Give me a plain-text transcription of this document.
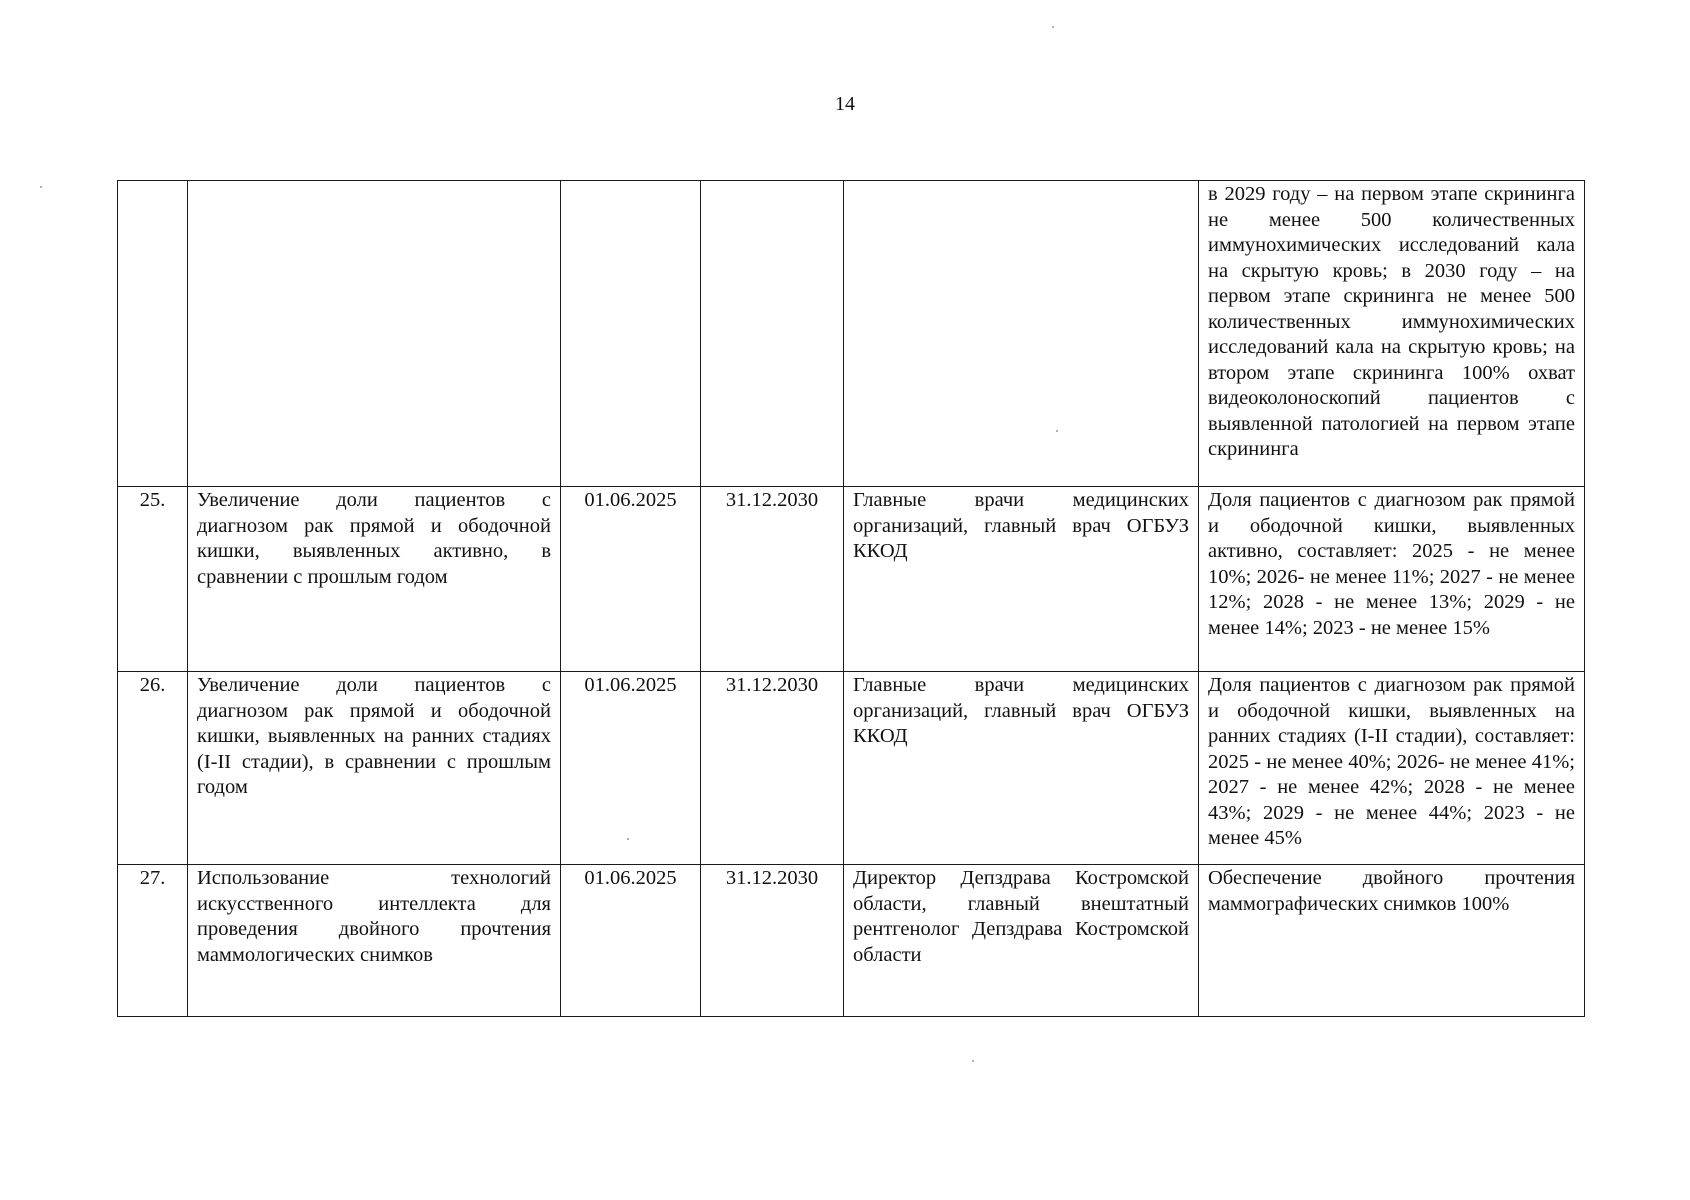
14
					в 2029 году – на первом этапе скрининга не менее 500 количественных иммунохимических исследований кала на скрытую кровь; в 2030 году – на первом этапе скрининга не менее 500 количественных иммунохимических исследований кала на скрытую кровь; на втором этапе скрининга 100% охват видеоколоноскопий пациентов с выявленной патологией на первом этапе скрининга
25.	Увеличение доли пациентов с диагнозом рак прямой и ободочной кишки, выявленных активно, в сравнении с прошлым годом	01.06.2025	31.12.2030	Главные врачи медицинских организаций, главный врач ОГБУЗ ККОД	Доля пациентов с диагнозом рак прямой и ободочной кишки, выявленных активно, составляет: 2025 - не менее 10%; 2026- не менее 11%; 2027 - не менее 12%; 2028 - не менее 13%; 2029 - не менее 14%; 2023 - не менее 15%
26.	Увеличение доли пациентов с диагнозом рак прямой и ободочной кишки, выявленных на ранних стадиях (I-II стадии), в сравнении с прошлым годом	01.06.2025	31.12.2030	Главные врачи медицинских организаций, главный врач ОГБУЗ ККОД	Доля пациентов с диагнозом рак прямой и ободочной кишки, выявленных на ранних стадиях (I-II стадии), составляет: 2025 - не менее 40%; 2026- не менее 41%; 2027 - не менее 42%; 2028 - не менее 43%; 2029 - не менее 44%; 2023 - не менее 45%
27.	Использование технологий искусственного интеллекта для проведения двойного прочтения маммологических снимков	01.06.2025	31.12.2030	Директор Депздрава Костромской области, главный внештатный рентгенолог Депздрава Костромской области	Обеспечение двойного прочтения маммографических снимков 100%
